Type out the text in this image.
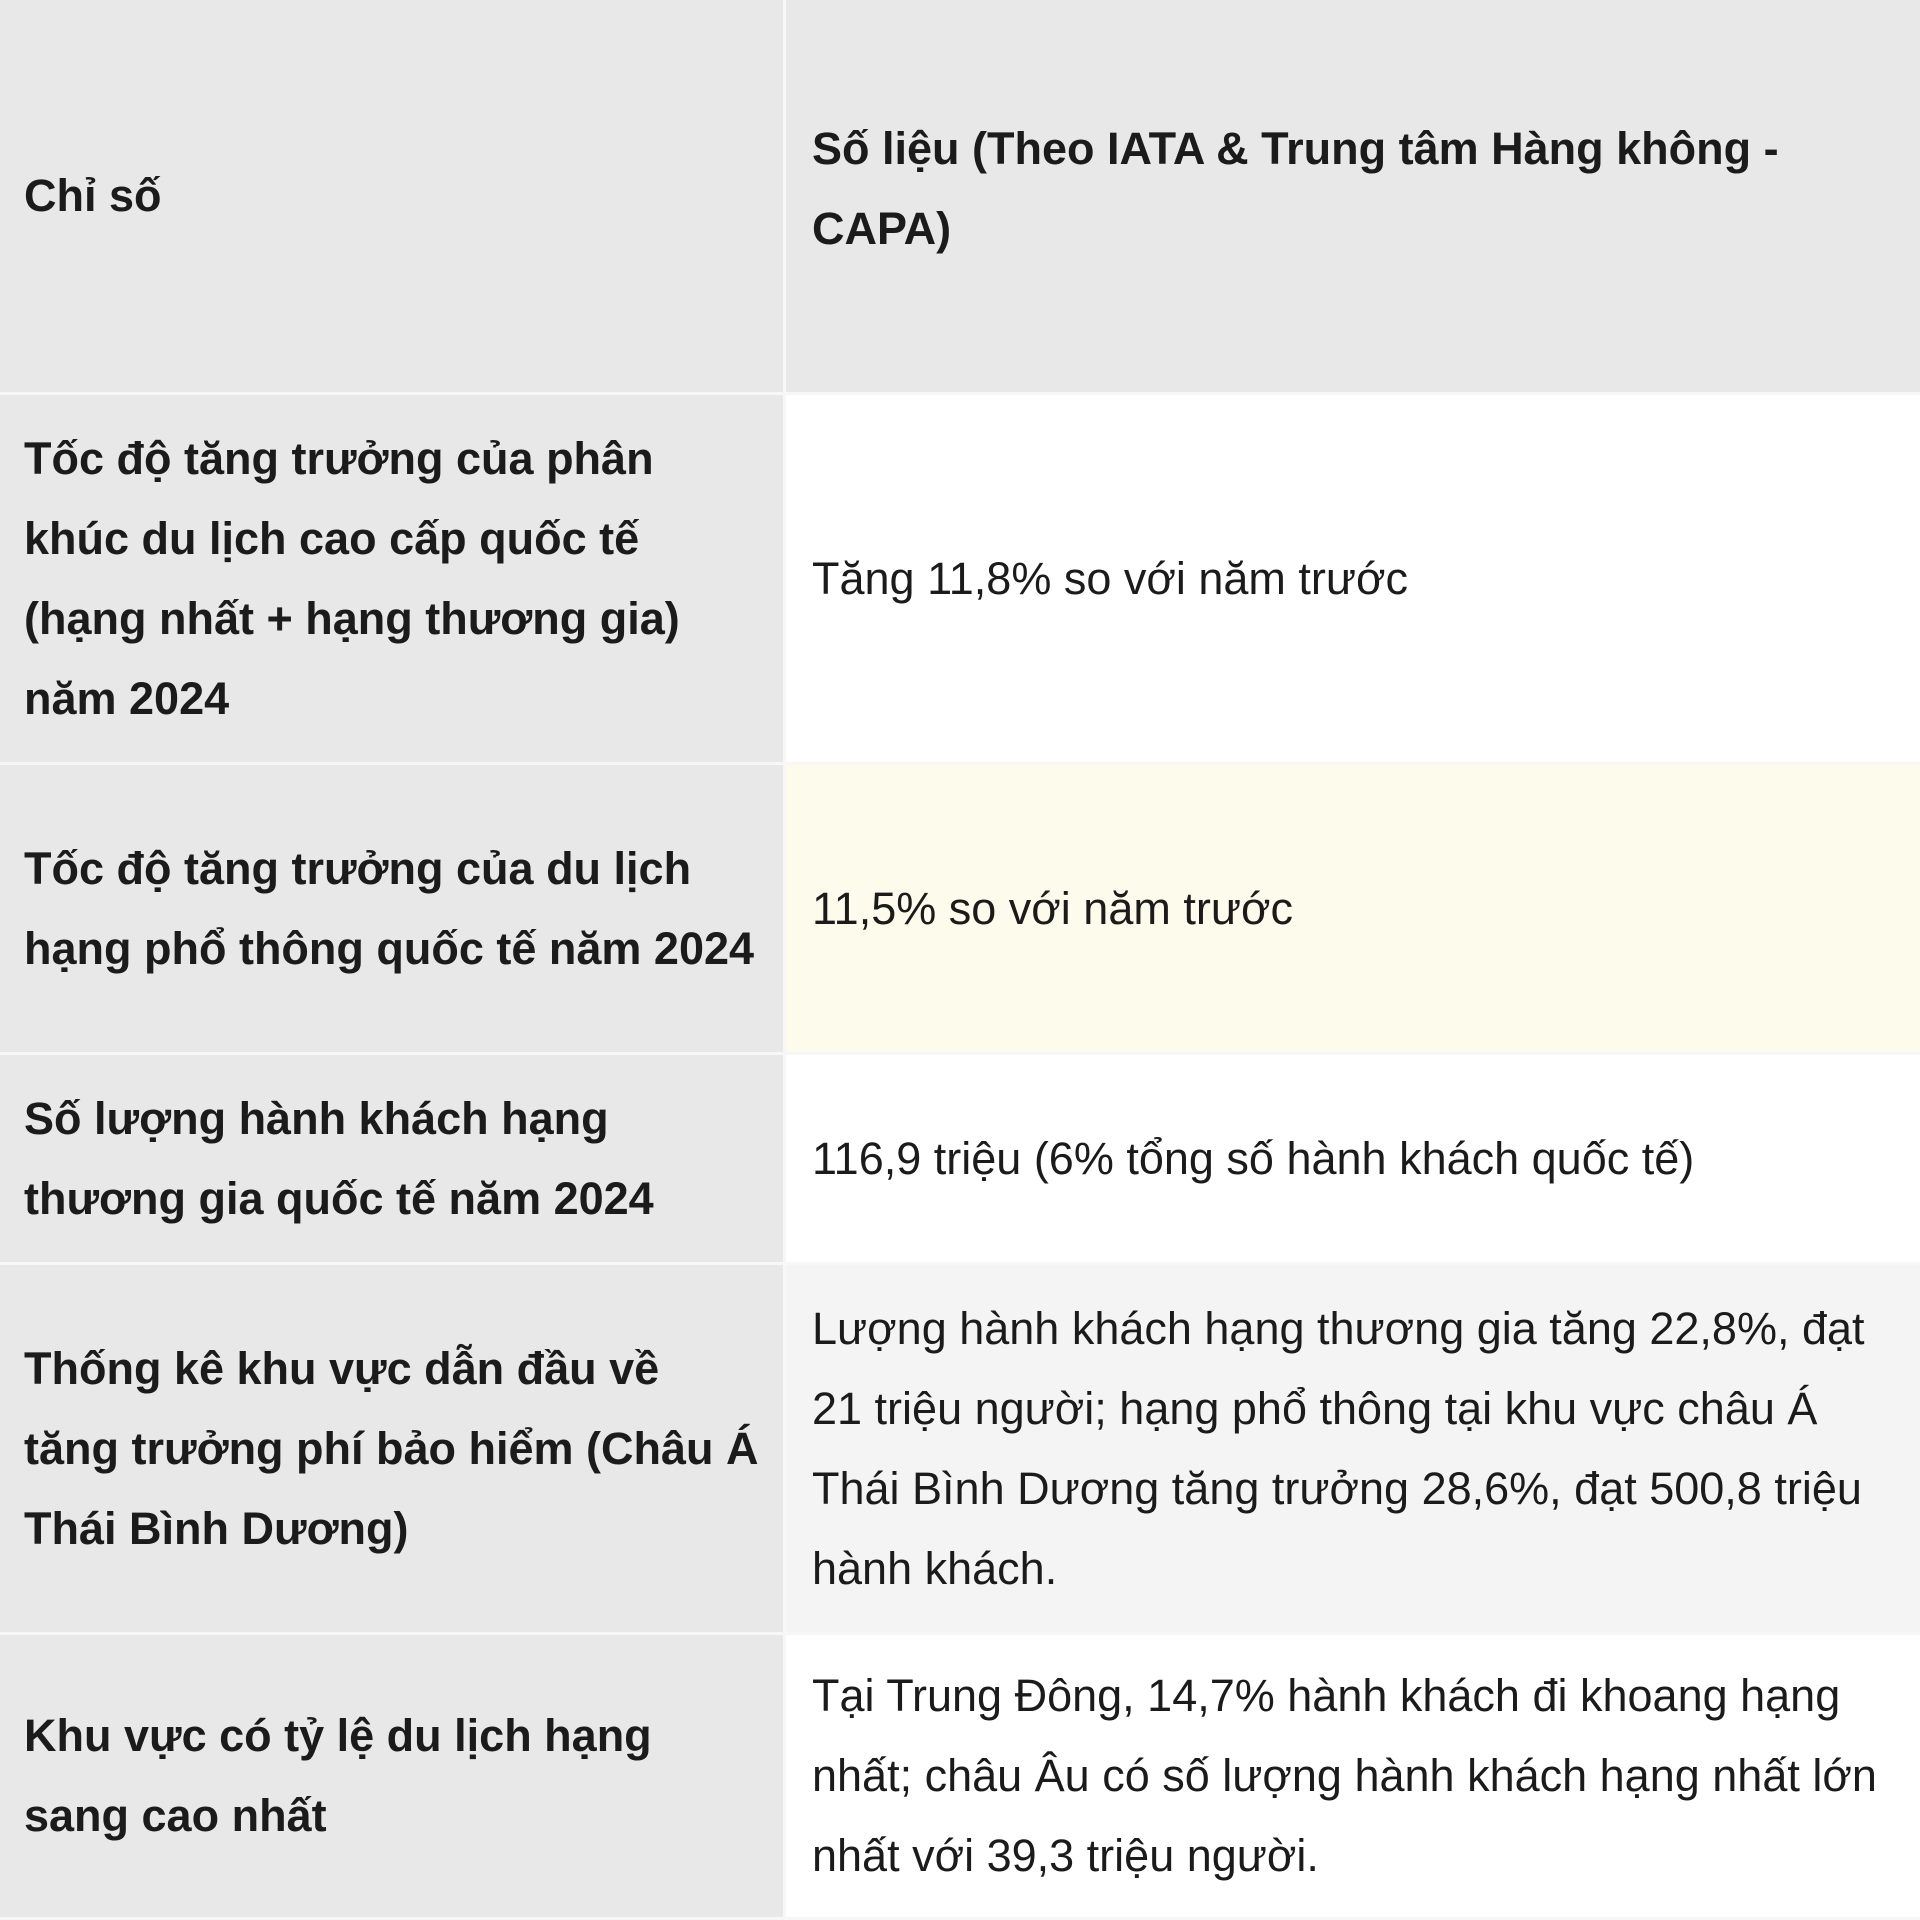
Chỉ số
Số liệu (Theo IATA & Trung tâm Hàng không - CAPA)
Tốc độ tăng trưởng của phân khúc du lịch cao cấp quốc tế (hạng nhất + hạng thương gia) năm 2024
Tăng 11,8% so với năm trước
Tốc độ tăng trưởng của du lịch hạng phổ thông quốc tế năm 2024
11,5% so với năm trước
Số lượng hành khách hạng thương gia quốc tế năm 2024
116,9 triệu (6% tổng số hành khách quốc tế)
Thống kê khu vực dẫn đầu về tăng trưởng phí bảo hiểm (Châu Á Thái Bình Dương)
Lượng hành khách hạng thương gia tăng 22,8%, đạt 21 triệu người; hạng phổ thông tại khu vực châu Á Thái Bình Dương tăng trưởng 28,6%, đạt 500,8 triệu hành khách.
Khu vực có tỷ lệ du lịch hạng sang cao nhất
Tại Trung Đông, 14,7% hành khách đi khoang hạng nhất; châu Âu có số lượng hành khách hạng nhất lớn nhất với 39,3 triệu người.
